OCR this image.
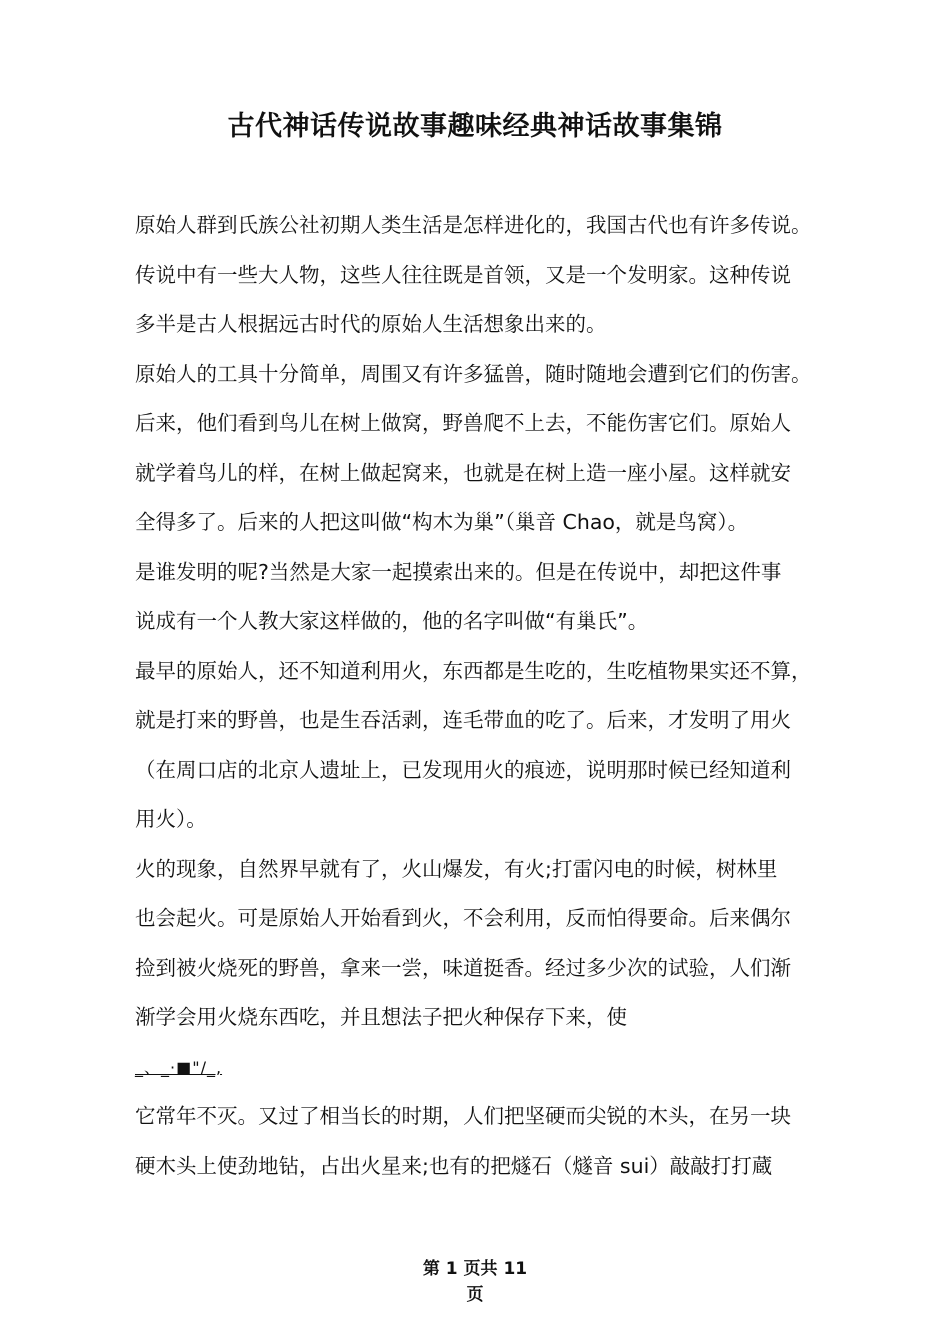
古代神话传说故事趣味经典神话故事集锦
原始人群到氏族公社初期人类生活是怎样进化的，我国古代也有许多传说。
传说中有一些大人物，这些人往往既是首领，又是一个发明家。这种传说
多半是古人根据远古时代的原始人生活想象出来的。
原始人的工具十分简单，周围又有许多猛兽，随时随地会遭到它们的伤害。
后来，他们看到鸟儿在树上做窝，野兽爬不上去，不能伤害它们。原始人
就学着鸟儿的样，在树上做起窝来，也就是在树上造一座小屋。这样就安
全得多了。后来的人把这叫做“构木为巢”（巢音 Chao，就是鸟窝）。
是谁发明的呢?当然是大家一起摸索出来的。但是在传说中，却把这件事
说成有一个人教大家这样做的，他的名字叫做“有巢氏”。
最早的原始人，还不知道利用火，东西都是生吃的，生吃植物果实还不算，
就是打来的野兽，也是生吞活剥，连毛带血的吃了。后来，才发明了用火
（在周口店的北京人遗址上，已发现用火的痕迹，说明那时候已经知道利
用火）。
火的现象，自然界早就有了，火山爆发，有火;打雷闪电的时候，树林里
也会起火。可是原始人开始看到火，不会利用，反而怕得要命。后来偶尔
捡到被火烧死的野兽，拿来一尝，味道挺香。经过多少次的试验，人们渐
渐学会用火烧东西吃，并且想法子把火种保存下来，使
_、_·■"/_,
它常年不灭。又过了相当长的时期，人们把坚硬而尖锐的木头，在另一块
硬木头上使劲地钻，占出火星来;也有的把燧石（燧音 sui）敲敲打打蔵
第 1 页共 11
页
